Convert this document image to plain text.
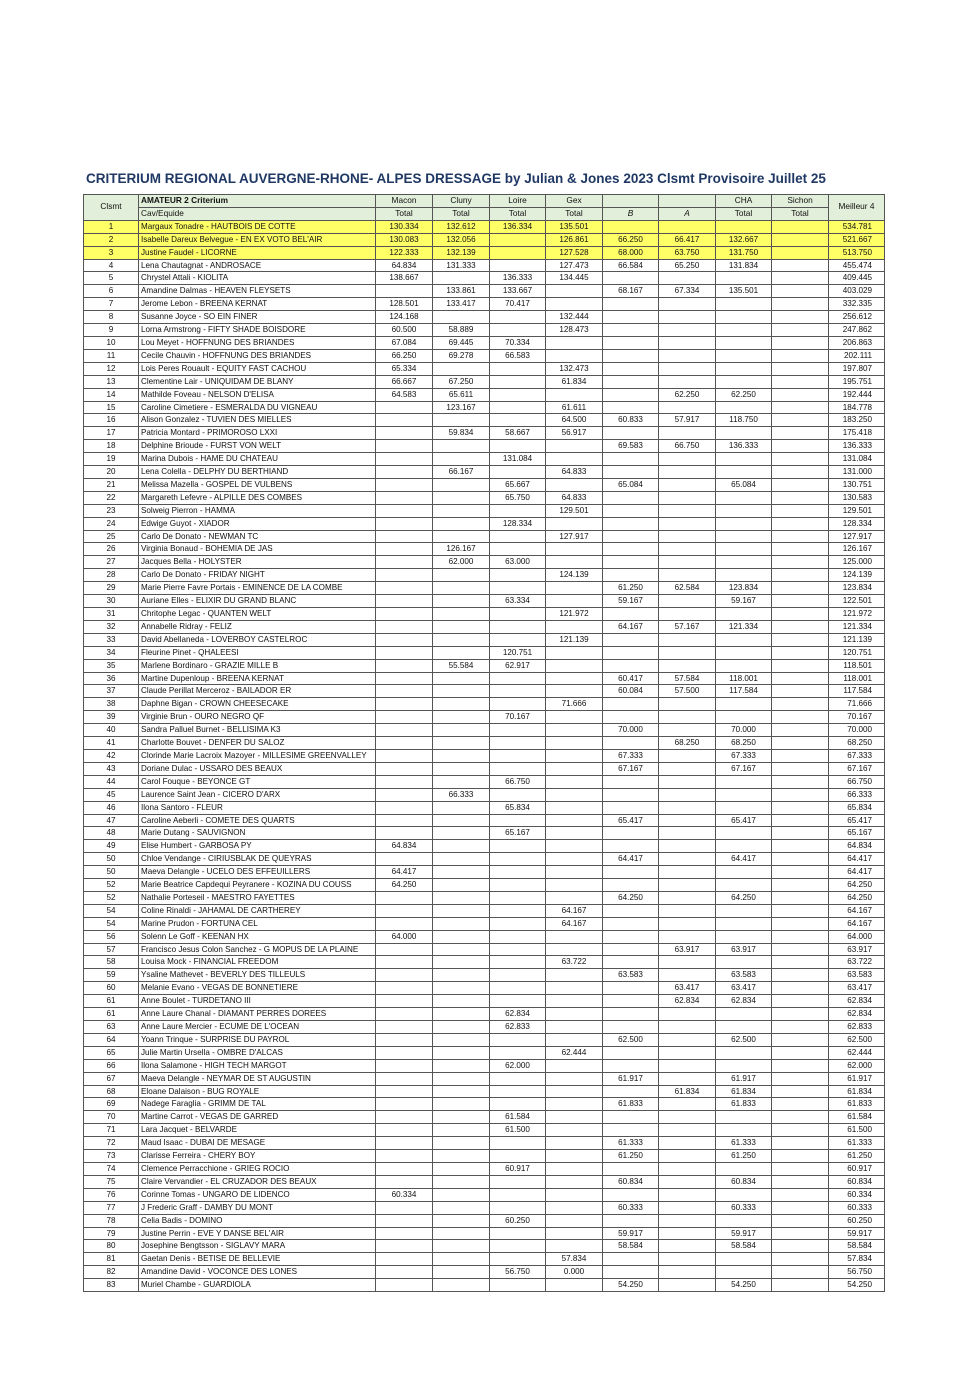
CRITERIUM REGIONAL AUVERGNE-RHONE- ALPES DRESSAGE by Julian & Jones 2023 Clsmt Provisoire Juillet 25
Clsmt	AMATEUR 2 Criterium	Macon	Cluny	Loire	Gex			CHA	Sichon	Meilleur 4
	Cav/Equide	Total	Total	Total	Total	B	A	Total	Total	
1	Margaux Tonadre - HAUTBOIS DE COTTE	130.334	132.612	136.334	135.501					534.781
2	Isabelle Dareux Belvegue - EN EX VOTO BEL'AIR	130.083	132.056		126.861	66.250	66.417	132.667		521.667
3	Justine Faudel - LICORNE	122.333	132.139		127.528	68.000	63.750	131.750		513.750
4	Lena Chautagnat - ANDROSACE	64.834	131.333		127.473	66.584	65.250	131.834		455.474
5	Chrystel Attali - KIOLITA	138.667		136.333	134.445					409.445
6	Amandine Dalmas - HEAVEN FLEYSETS		133.861	133.667		68.167	67.334	135.501		403.029
7	Jerome Lebon - BREENA KERNAT	128.501	133.417	70.417						332.335
8	Susanne Joyce - SO EIN FINER	124.168			132.444					256.612
9	Lorna Armstrong - FIFTY SHADE BOISDORE	60.500	58.889		128.473					247.862
10	Lou Meyet - HOFFNUNG DES BRIANDES	67.084	69.445	70.334						206.863
11	Cecile Chauvin - HOFFNUNG DES BRIANDES	66.250	69.278	66.583						202.111
12	Lois Peres Rouault - EQUITY FAST CACHOU	65.334			132.473					197.807
13	Clementine Lair - UNIQUIDAM DE BLANY	66.667	67.250		61.834					195.751
14	Mathilde Foveau - NELSON D'ELISA	64.583	65.611				62.250	62.250		192.444
15	Caroline Cimetiere - ESMERALDA DU VIGNEAU		123.167		61.611					184.778
16	Alison Gonzalez - TUVIEN DES MIELLES				64.500	60.833	57.917	118.750		183.250
17	Patricia Montard - PRIMOROSO LXXI		59.834	58.667	56.917					175.418
18	Delphine Brioude - FURST VON WELT					69.583	66.750	136.333		136.333
19	Marina Dubois - HAME DU CHATEAU			131.084						131.084
20	Lena Colella - DELPHY DU BERTHIAND		66.167		64.833					131.000
21	Melissa Mazella - GOSPEL DE VULBENS			65.667		65.084		65.084		130.751
22	Margareth Lefevre - ALPILLE DES COMBES			65.750	64.833					130.583
23	Solweig Pierron - HAMMA				129.501					129.501
24	Edwige Guyot - XIADOR			128.334						128.334
25	Carlo De Donato - NEWMAN TC				127.917					127.917
26	Virginia Bonaud - BOHEMIA DE JAS		126.167							126.167
27	Jacques Bella - HOLYSTER		62.000	63.000						125.000
28	Carlo De Donato - FRIDAY NIGHT				124.139					124.139
29	Marie Pierre Favre Portais - EMINENCE DE LA COMBE					61.250	62.584	123.834		123.834
30	Auriane Elles - ELIXIR DU GRAND BLANC			63.334		59.167		59.167		122.501
31	Chritophe Legac - QUANTEN WELT				121.972					121.972
32	Annabelle Ridray - FELIZ					64.167	57.167	121.334		121.334
33	David Abellaneda - LOVERBOY CASTELROC				121.139					121.139
34	Fleurine Pinet - QHALEESI			120.751						120.751
35	Marlene Bordinaro - GRAZIE MILLE B		55.584	62.917						118.501
36	Martine Dupenloup - BREENA KERNAT					60.417	57.584	118.001		118.001
37	Claude Perillat Merceroz - BAILADOR ER					60.084	57.500	117.584		117.584
38	Daphne Bigan - CROWN CHEESECAKE				71.666					71.666
39	Virginie Brun - OURO NEGRO QF			70.167						70.167
40	Sandra Palluel Burnet - BELLISIMA K3					70.000		70.000		70.000
41	Charlotte Bouvet - DENFER DU SALOZ						68.250	68.250		68.250
42	Clorinde Marie Lacroix Mazoyer - MILLESIME GREENVALLEY					67.333		67.333		67.333
43	Doriane Dulac - USSARO DES BEAUX					67.167		67.167		67.167
44	Carol Fouque - BEYONCE GT			66.750						66.750
45	Laurence Saint Jean - CICERO D'ARX		66.333							66.333
46	Ilona Santoro - FLEUR			65.834						65.834
47	Caroline Aeberli - COMETE DES QUARTS					65.417		65.417		65.417
48	Marie Dutang - SAUVIGNON			65.167						65.167
49	Elise Humbert - GARBOSA PY	64.834								64.834
50	Chloe Vendange - CIRIUSBLAK DE QUEYRAS					64.417		64.417		64.417
50	Maeva Delangle - UCELO DES EFFEUILLERS	64.417								64.417
52	Marie Beatrice Capdequi Peyranere - KOZINA DU COUSS	64.250								64.250
52	Nathalie Porteseil - MAESTRO FAYETTES					64.250		64.250		64.250
54	Coline Rinaldi - JAHAMAL DE CARTHEREY				64.167					64.167
54	Marine Prudon - FORTUNA CEL				64.167					64.167
56	Solenn Le Goff - KEENAN HX	64.000								64.000
57	Francisco Jesus Colon Sanchez - G MOPUS DE LA PLAINE						63.917	63.917		63.917
58	Louisa Mock - FINANCIAL FREEDOM				63.722					63.722
59	Ysaline Mathevet - BEVERLY DES TILLEULS					63.583		63.583		63.583
60	Melanie Evano - VEGAS DE BONNETIERE						63.417	63.417		63.417
61	Anne Boulet - TURDETANO III						62.834	62.834		62.834
61	Anne Laure Chanal - DIAMANT PERRES DOREES			62.834						62.834
63	Anne Laure Mercier - ECUME DE L'OCEAN			62.833						62.833
64	Yoann Trinque - SURPRISE DU PAYROL					62.500		62.500		62.500
65	Julie Martin Ursella - OMBRE D'ALCAS				62.444					62.444
66	Ilona Salamone - HIGH TECH MARGOT			62.000						62.000
67	Maeva Delangle - NEYMAR DE ST AUGUSTIN					61.917		61.917		61.917
68	Eloane Dalaison - BUG ROYALE						61.834	61.834		61.834
69	Nadege Faraglia - GRIMM DE TAL					61.833		61.833		61.833
70	Martine Carrot - VEGAS DE GARRED			61.584						61.584
71	Lara Jacquet - BELVARDE			61.500						61.500
72	Maud Isaac - DUBAI DE MESAGE					61.333		61.333		61.333
73	Clarisse Ferreira - CHERY BOY					61.250		61.250		61.250
74	Clemence Perracchione - GRIEG ROCIO			60.917						60.917
75	Claire Vervandier - EL CRUZADOR DES BEAUX					60.834		60.834		60.834
76	Corinne Tomas - UNGARO DE LIDENCO	60.334								60.334
77	J Frederic Graff - DAMBY DU MONT					60.333		60.333		60.333
78	Celia Badis - DOMINO			60.250						60.250
79	Justine Perrin - EVE Y DANSE BEL'AIR					59.917		59.917		59.917
80	Josephine Bengtsson - SIGLAVY MARA					58.584		58.584		58.584
81	Gaetan Denis - BETISE DE BELLEVIE				57.834					57.834
82	Amandine David - VOCONCE DES LONES			56.750	0.000					56.750
83	Muriel Chambe - GUARDIOLA					54.250		54.250		54.250
